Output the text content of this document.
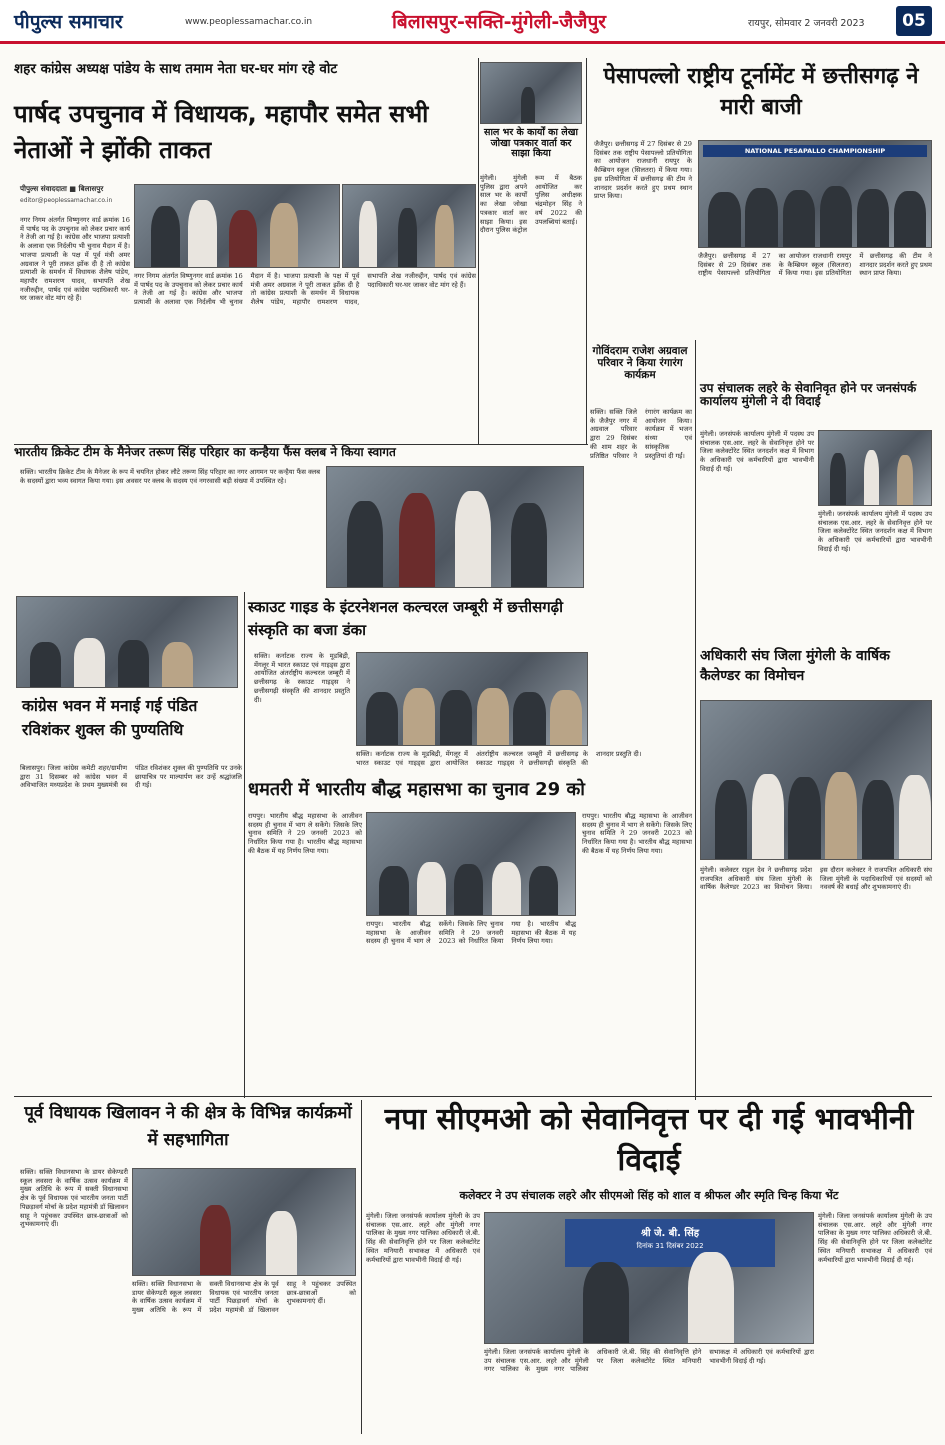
पीपुल्स समाचार	www.peoplessamachar.co.in	बिलासपुर-सक्ति-मुंगेली-जैजैपुर	रायपुर, सोमवार 2 जनवरी 2023	05
शहर कांग्रेस अध्यक्ष पांडेय के साथ तमाम नेता घर-घर मांग रहे वोट
पार्षद उपचुनाव में विधायक, महापौर समेत सभी नेताओं ने झोंकी ताकत
पीपुल्स संवाददाता ■ बिलासपुर
editor@peoplessamachar.co.in
नगर निगम अंतर्गत विष्णुनगर वार्ड क्रमांक 16 में पार्षद पद के उपचुनाव को लेकर प्रचार कार्य ने तेजी आ गई है। कांग्रेस और भाजपा प्रत्याशी के अलावा एक निर्दलीय भी चुनाव मैदान में है। भाजपा प्रत्याशी के पक्ष में पूर्व मंत्री अमर अग्रवाल ने पूरी ताकत झोंक दी है तो कांग्रेस प्रत्याशी के समर्थन में विधायक शैलेष पांडेय, महापौर रामशरण यादव, सभापति शेख नजीरुद्दीन, पार्षद एवं कांग्रेस पदाधिकारी घर-घर जाकर वोट मांग रहे हैं।
नगर निगम अंतर्गत विष्णुनगर वार्ड क्रमांक 16 में पार्षद पद के उपचुनाव को लेकर प्रचार कार्य ने तेजी आ गई है। कांग्रेस और भाजपा प्रत्याशी के अलावा एक निर्दलीय भी चुनाव मैदान में है। भाजपा प्रत्याशी के पक्ष में पूर्व मंत्री अमर अग्रवाल ने पूरी ताकत झोंक दी है तो कांग्रेस प्रत्याशी के समर्थन में विधायक शैलेष पांडेय, महापौर रामशरण यादव, सभापति शेख नजीरुद्दीन, पार्षद एवं कांग्रेस पदाधिकारी घर-घर जाकर वोट मांग रहे हैं।
साल भर के कार्यों का लेखा जोखा पत्रकार वार्ता कर साझा किया
मुंगेली। मुंगेली पुलिस द्वारा अपने साल भर के कार्यों का लेखा जोखा पत्रकार वार्ता कर साझा किया। इस दौरान पुलिस कंट्रोल रूम में बैठक आयोजित कर पुलिस अधीक्षक चंद्रमोहन सिंह ने वर्ष 2022 की उपलब्धियां बताई।
पेसापल्लो राष्ट्रीय टूर्नामेंट में छत्तीसगढ़ ने मारी बाजी
जैजैपुर। छत्तीसगढ़ में 27 दिसंबर से 29 दिसंबर तक राष्ट्रीय पेसापल्लो प्रतियोगिता का आयोजन राजधानी रायपुर के कैम्ब्रियन स्कूल (सिलतरा) में किया गया। इस प्रतियोगिता में छत्तीसगढ़ की टीम ने शानदार प्रदर्शन करते हुए प्रथम स्थान प्राप्त किया।
NATIONAL PESAPALLO CHAMPIONSHIP
जैजैपुर। छत्तीसगढ़ में 27 दिसंबर से 29 दिसंबर तक राष्ट्रीय पेसापल्लो प्रतियोगिता का आयोजन राजधानी रायपुर के कैम्ब्रियन स्कूल (सिलतरा) में किया गया। इस प्रतियोगिता में छत्तीसगढ़ की टीम ने शानदार प्रदर्शन करते हुए प्रथम स्थान प्राप्त किया।
गोविंदराम राजेश अग्रवाल परिवार ने किया रंगारंग कार्यक्रम
सक्ति। सक्ति जिले के जैजैपुर नगर में अग्रवाल परिवार द्वारा 29 दिसंबर की शाम शहर के प्रतिष्ठित परिवार ने रंगारंग कार्यक्रम का आयोजन किया। कार्यक्रम में भजन संध्या एवं सांस्कृतिक प्रस्तुतियां दी गईं।
उप संचालक लहरे के सेवानिवृत होने पर जनसंपर्क कार्यालय मुंगेली ने दी विदाई
मुंगेली। जनसंपर्क कार्यालय मुंगेली में पदस्थ उप संचालक एस.आर. लहरे के सेवानिवृत्त होने पर जिला कलेक्टोरेट स्थित जनदर्शन कक्ष में विभाग के अधिकारी एवं कर्मचारियों द्वारा भावभीनी विदाई दी गई।
मुंगेली। जनसंपर्क कार्यालय मुंगेली में पदस्थ उप संचालक एस.आर. लहरे के सेवानिवृत्त होने पर जिला कलेक्टोरेट स्थित जनदर्शन कक्ष में विभाग के अधिकारी एवं कर्मचारियों द्वारा भावभीनी विदाई दी गई।
भारतीय क्रिकेट टीम के मैनेजर तरूण सिंह परिहार का कन्हैया फैंस क्लब ने किया स्वागत
सक्ति। भारतीय क्रिकेट टीम के मैनेजर के रूप में चयनित होकर लौटे तरूण सिंह परिहार का नगर आगमन पर कन्हैया फैंस क्लब के सदस्यों द्वारा भव्य स्वागत किया गया। इस अवसर पर क्लब के सदस्य एवं नगरवासी बड़ी संख्या में उपस्थित रहे।
स्काउट गाइड के इंटरनेशनल कल्चरल जम्बूरी में छत्तीसगढ़ी संस्कृति का बजा डंका
सक्ति। कर्नाटक राज्य के मूडबिद्री, मेंगलूर में भारत स्काउट एवं गाइड्स द्वारा आयोजित अंतर्राष्ट्रीय कल्चरल जम्बूरी में छत्तीसगढ़ के स्काउट गाइड्स ने छत्तीसगढ़ी संस्कृति की शानदार प्रस्तुति दी।
सक्ति। कर्नाटक राज्य के मूडबिद्री, मेंगलूर में भारत स्काउट एवं गाइड्स द्वारा आयोजित अंतर्राष्ट्रीय कल्चरल जम्बूरी में छत्तीसगढ़ के स्काउट गाइड्स ने छत्तीसगढ़ी संस्कृति की शानदार प्रस्तुति दी।
अधिकारी संघ जिला मुंगेली के वार्षिक कैलेण्डर का विमोचन
मुंगेली। कलेक्टर राहुल देव ने छत्तीसगढ़ प्रदेश राजपत्रित अधिकारी संघ जिला मुंगेली के वार्षिक कैलेण्डर 2023 का विमोचन किया। इस दौरान कलेक्टर ने राजपत्रित अधिकारी संघ जिला मुंगेली के पदाधिकारियों एवं सदस्यों को नववर्ष की बधाई और शुभकामनाएं दी।
कांग्रेस भवन में मनाई गई पंडित रविशंकर शुक्ल की पुण्यतिथि
बिलासपुर। जिला कांग्रेस कमेटी शहर/ग्रामीण द्वारा 31 दिसम्बर को कांग्रेस भवन में अविभाजित मध्यप्रदेश के प्रथम मुख्यमंत्री स्व पंडित रविशंकर शुक्ल की पुण्यतिथि पर उनके छायाचित्र पर माल्यार्पण कर उन्हें श्रद्धांजलि दी गई।	धमतरी में भारतीय बौद्ध महासभा का चुनाव 29 को
रायपुर। भारतीय बौद्ध महासभा के आजीवन सदस्य ही चुनाव में भाग ले सकेंगे। जिसके लिए चुनाव समिति ने 29 जनवरी 2023 को निर्धारित किया गया है। भारतीय बौद्ध महासभा की बैठक में यह निर्णय लिया गया।
रायपुर। भारतीय बौद्ध महासभा के आजीवन सदस्य ही चुनाव में भाग ले सकेंगे। जिसके लिए चुनाव समिति ने 29 जनवरी 2023 को निर्धारित किया गया है। भारतीय बौद्ध महासभा की बैठक में यह निर्णय लिया गया।
रायपुर। भारतीय बौद्ध महासभा के आजीवन सदस्य ही चुनाव में भाग ले सकेंगे। जिसके लिए चुनाव समिति ने 29 जनवरी 2023 को निर्धारित किया गया है। भारतीय बौद्ध महासभा की बैठक में यह निर्णय लिया गया।
पूर्व विधायक खिलावन ने की क्षेत्र के विभिन्न कार्यक्रमों में सहभागिता
सक्ति। सक्ति विधानसभा के डायर सेकेण्डरी स्कूल लवसरा के वार्षिक उत्सव कार्यक्रम में मुख्य अतिथि के रूप में सक्ती विधानसभा क्षेत्र के पूर्व विधायक एवं भारतीय जनता पार्टी पिछड़ावर्ग मोर्चा के प्रदेश महामंत्री डॉ खिलावन साहू ने पहुंचकर उपस्थित छात्र-छात्राओं को शुभकामनाएं दीं।
सक्ति। सक्ति विधानसभा के डायर सेकेण्डरी स्कूल लवसरा के वार्षिक उत्सव कार्यक्रम में मुख्य अतिथि के रूप में सक्ती विधानसभा क्षेत्र के पूर्व विधायक एवं भारतीय जनता पार्टी पिछड़ावर्ग मोर्चा के प्रदेश महामंत्री डॉ खिलावन साहू ने पहुंचकर उपस्थित छात्र-छात्राओं को शुभकामनाएं दीं।
नपा सीएमओ को सेवानिवृत्त पर दी गई भावभीनी विदाई
कलेक्टर ने उप संचालक लहरे और सीएमओ सिंह को शाल व श्रीफल और स्मृति चिन्ह किया भेंट
मुंगेली। जिला जनसंपर्क कार्यालय मुंगेली के उप संचालक एस.आर. लहरे और मुंगेली नगर पालिका के मुख्य नगर पालिका अधिकारी जे.बी. सिंह की सेवानिवृत्ति होने पर जिला कलेक्टोरेट स्थित मनियारी सभाकक्ष में अधिकारी एवं कर्मचारियों द्वारा भावभीनी विदाई दी गई।
श्री जे. बी. सिंह
दिनांक 31 दिसंबर 2022
मुंगेली। जिला जनसंपर्क कार्यालय मुंगेली के उप संचालक एस.आर. लहरे और मुंगेली नगर पालिका के मुख्य नगर पालिका अधिकारी जे.बी. सिंह की सेवानिवृत्ति होने पर जिला कलेक्टोरेट स्थित मनियारी सभाकक्ष में अधिकारी एवं कर्मचारियों द्वारा भावभीनी विदाई दी गई।
मुंगेली। जिला जनसंपर्क कार्यालय मुंगेली के उप संचालक एस.आर. लहरे और मुंगेली नगर पालिका के मुख्य नगर पालिका अधिकारी जे.बी. सिंह की सेवानिवृत्ति होने पर जिला कलेक्टोरेट स्थित मनियारी सभाकक्ष में अधिकारी एवं कर्मचारियों द्वारा भावभीनी विदाई दी गई।
